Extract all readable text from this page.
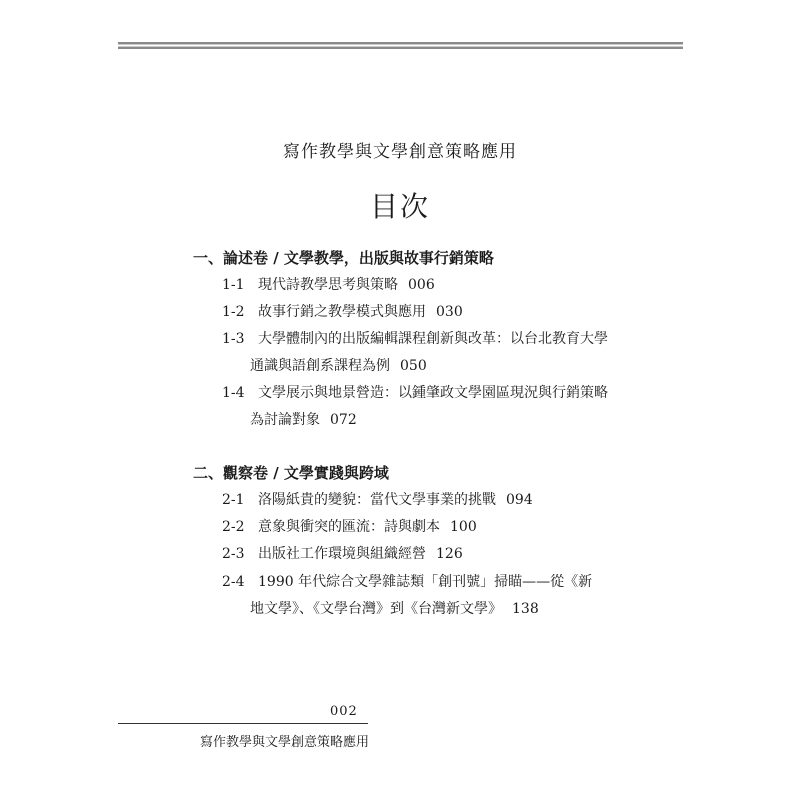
寫作教學與文學創意策略應用
目次
一、論述卷 / 文學教學，出版與故事行銷策略
1-1 現代詩教學思考與策略 006
1-2 故事行銷之教學模式與應用 030
1-3 大學體制內的出版編輯課程創新與改革：以台北教育大學
通識與語創系課程為例 050
1-4 文學展示與地景營造：以鍾肇政文學園區現況與行銷策略
為討論對象 072
二、觀察卷 / 文學實踐與跨域
2-1 洛陽紙貴的變貌：當代文學事業的挑戰 094
2-2 意象與衝突的匯流：詩與劇本 100
2-3 出版社工作環境與組織經營 126
2-4 1990 年代綜合文學雜誌類「創刊號」掃瞄——從《新
地文學》、《文學台灣》到《台灣新文學》 138
002
寫作教學與文學創意策略應用
